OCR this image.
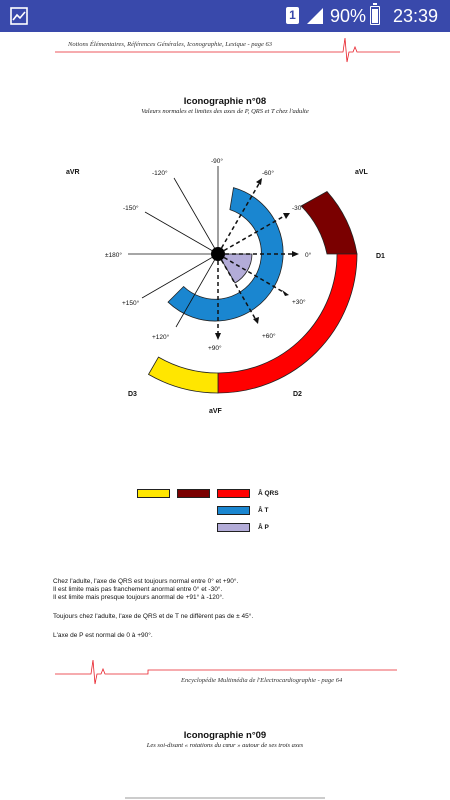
1 90% 23:39
Notions Élémentaires, Références Générales, Iconographie, Lexique - page 63
Iconographie n°08
Valeurs normales et limites des axes de P, QRS et T chez l'adulte
-90°
-120°	-60°
-150°	-30°
±180°	0°
+150°	+30°
+120°	+60°
+90°
aVR	aVL
D1
D2
D3
aVF
Â QRS
Â T
Â P
Chez l'adulte, l'axe de QRS est toujours normal entre 0° et +90°.
Il est limite mais pas franchement anormal entre 0° et -30°.
Il est limite mais presque toujours anormal de +91° à -120°.
Toujours chez l'adulte, l'axe de QRS et de T ne diffèrent pas de ± 45°.
L'axe de P est normal de 0 à +90°.
Encyclopédie Multimédia de l'Electrocardiographie - page 64
Iconographie n°09
Les soi-disant « rotations du cœur » autour de ses trois axes
